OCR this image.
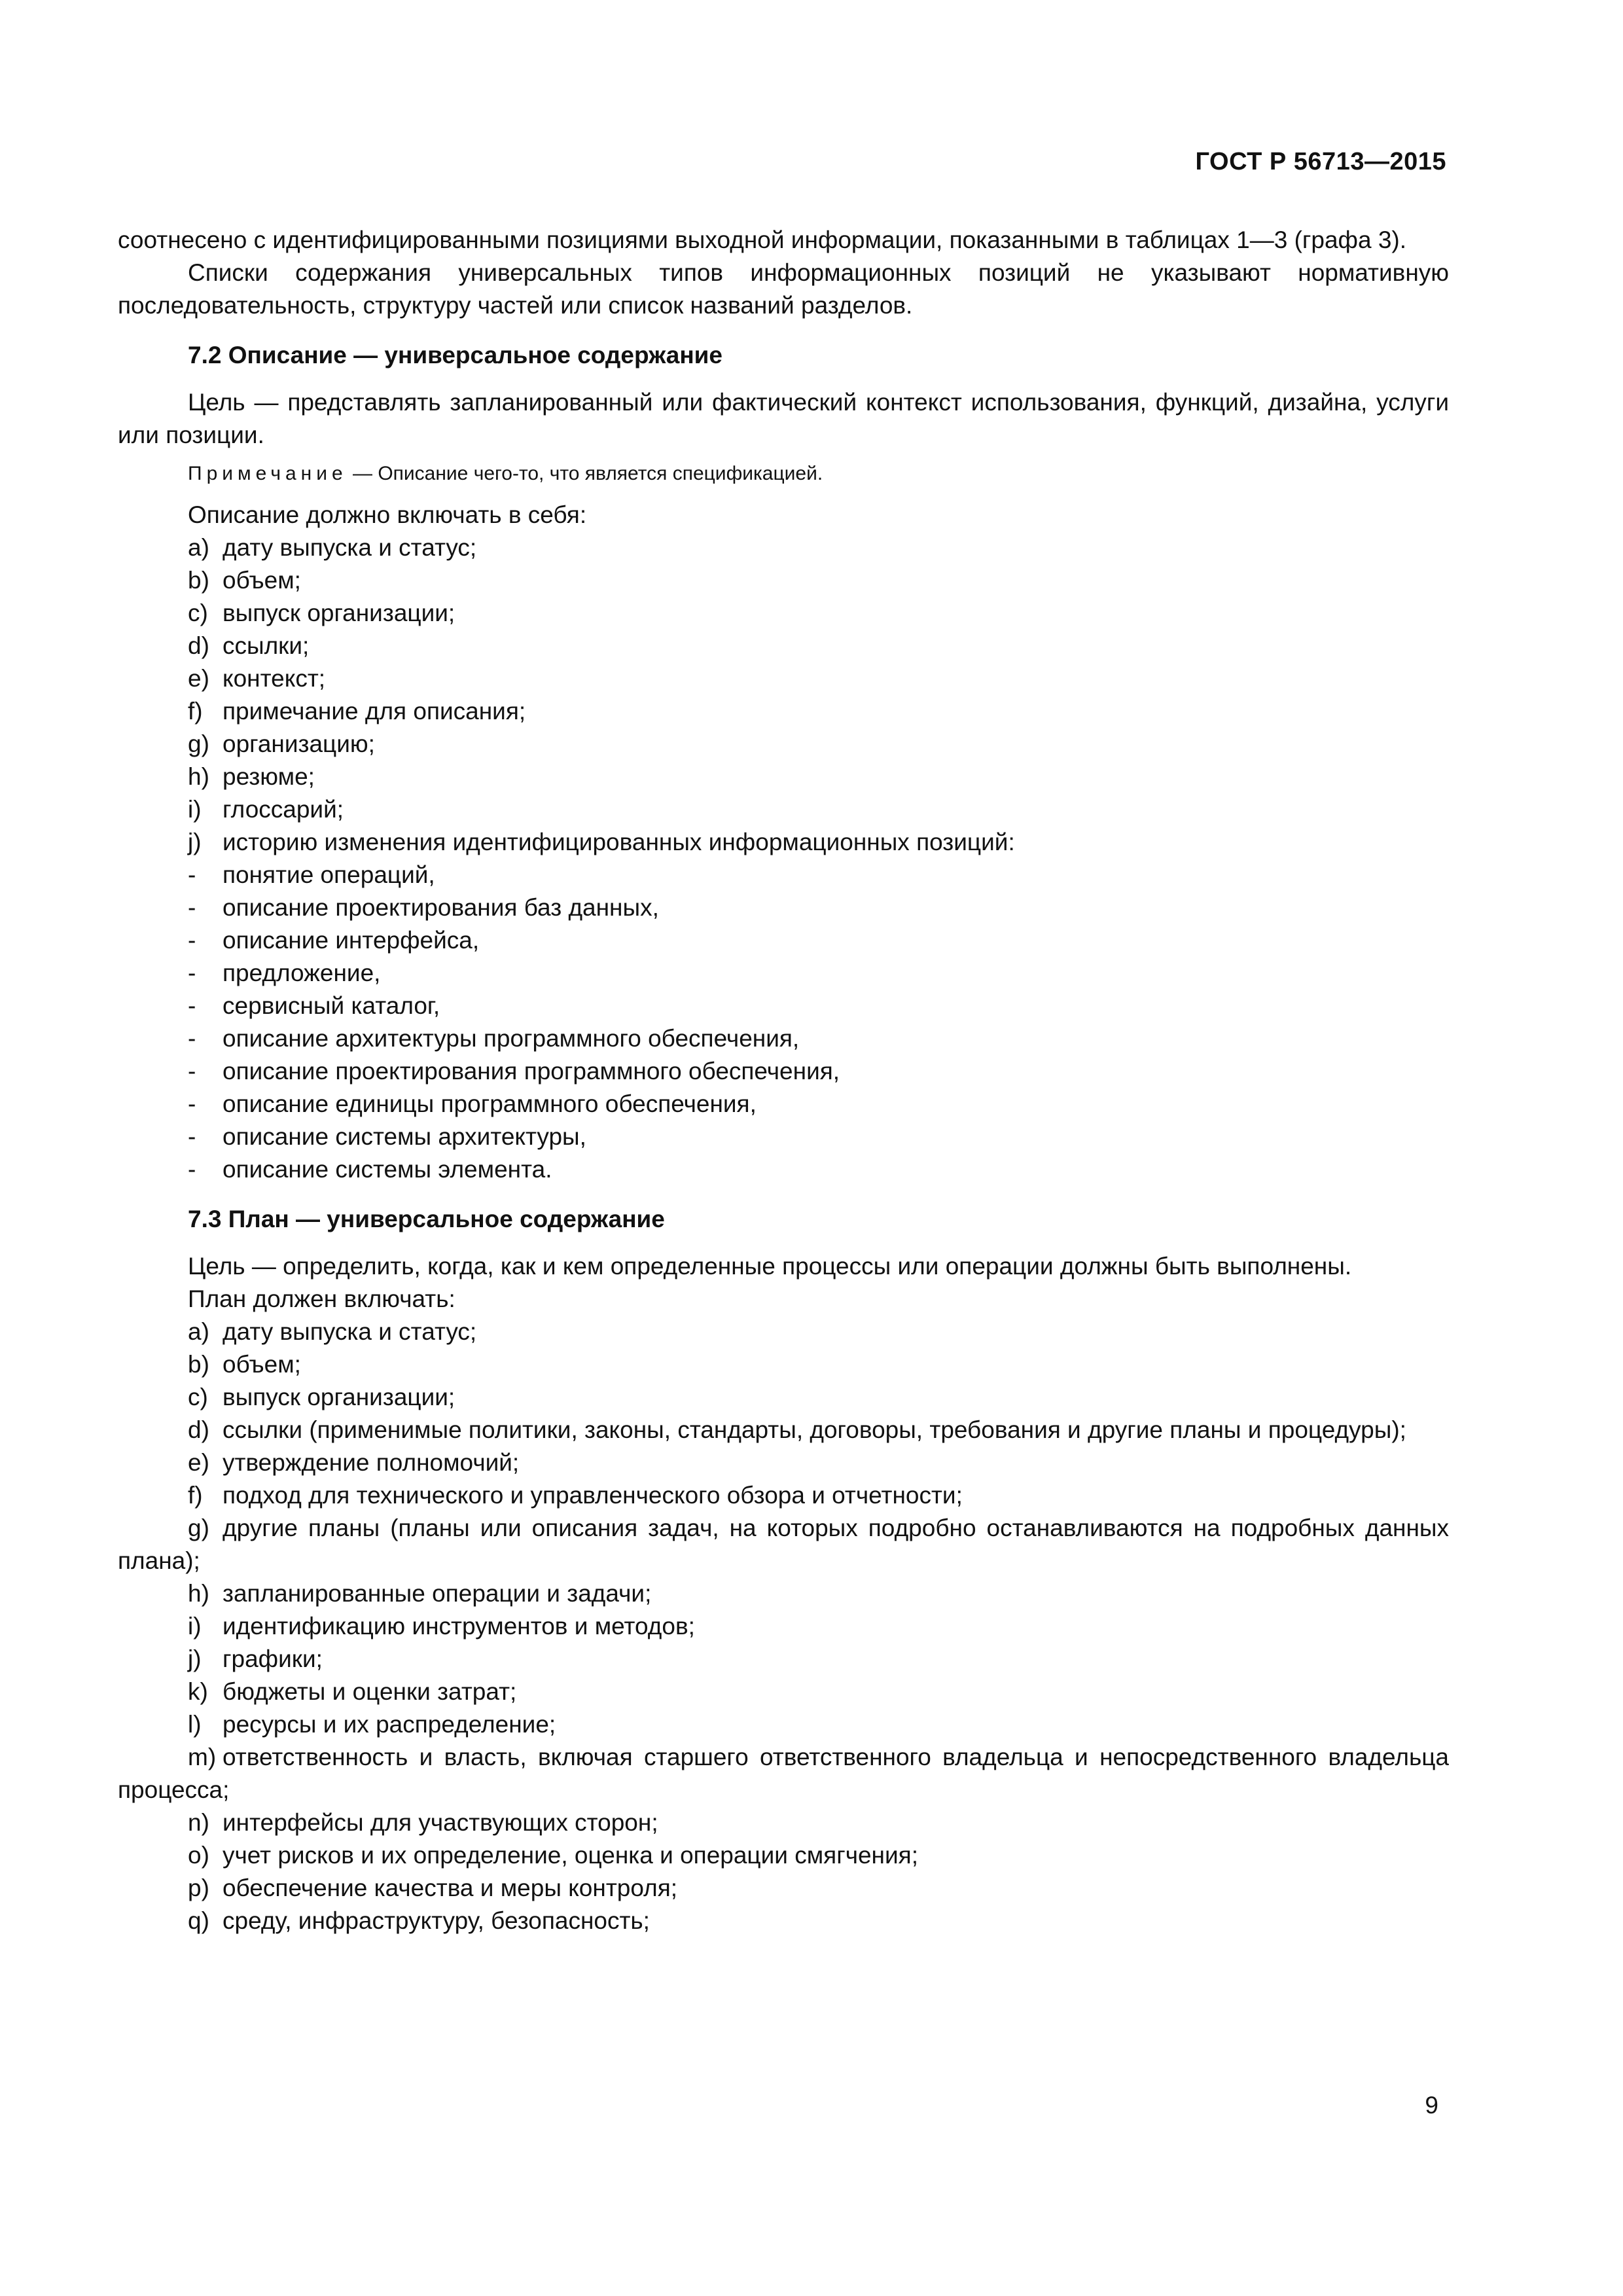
ГОСТ Р 56713—2015

соотнесено с идентифицированными позициями выходной информации, показанными в таблицах 1—3 (графа 3).

Списки содержания универсальных типов информационных позиций не указывают нормативную последовательность, структуру частей или список названий разделов.

7.2 Описание — универсальное содержание

Цель — представлять запланированный или фактический контекст использования, функций, дизайна, услуги или позиции.

Примечание — Описание чего-то, что является спецификацией.

Описание должно включать в себя:

a) дату выпуска и статус;
b) объем;
c) выпуск организации;
d) ссылки;
e) контекст;
f) примечание для описания;
g) организацию;
h) резюме;
i) глоссарий;
j) историю изменения идентифицированных информационных позиций:
- понятие операций,
- описание проектирования баз данных,
- описание интерфейса,
- предложение,
- сервисный каталог,
- описание архитектуры программного обеспечения,
- описание проектирования программного обеспечения,
- описание единицы программного обеспечения,
- описание системы архитектуры,
- описание системы элемента.
7.3 План — универсальное содержание

Цель — определить, когда, как и кем определенные процессы или операции должны быть выполнены.

План должен включать:

a) дату выпуска и статус;
b) объем;
c) выпуск организации;
d) ссылки (применимые политики, законы, стандарты, договоры, требования и другие планы и процедуры);
e) утверждение полномочий;
f) подход для технического и управленческого обзора и отчетности;
g) другие планы (планы или описания задач, на которых подробно останавливаются на подробных данных плана);
h) запланированные операции и задачи;
i) идентификацию инструментов и методов;
j) графики;
k) бюджеты и оценки затрат;
l) ресурсы и их распределение;
m) ответственность и власть, включая старшего ответственного владельца и непосредственного владельца процесса;
n) интерфейсы для участвующих сторон;
o) учет рисков и их определение, оценка и операции смягчения;
p) обеспечение качества и меры контроля;
q) среду, инфраструктуру, безопасность;
9
